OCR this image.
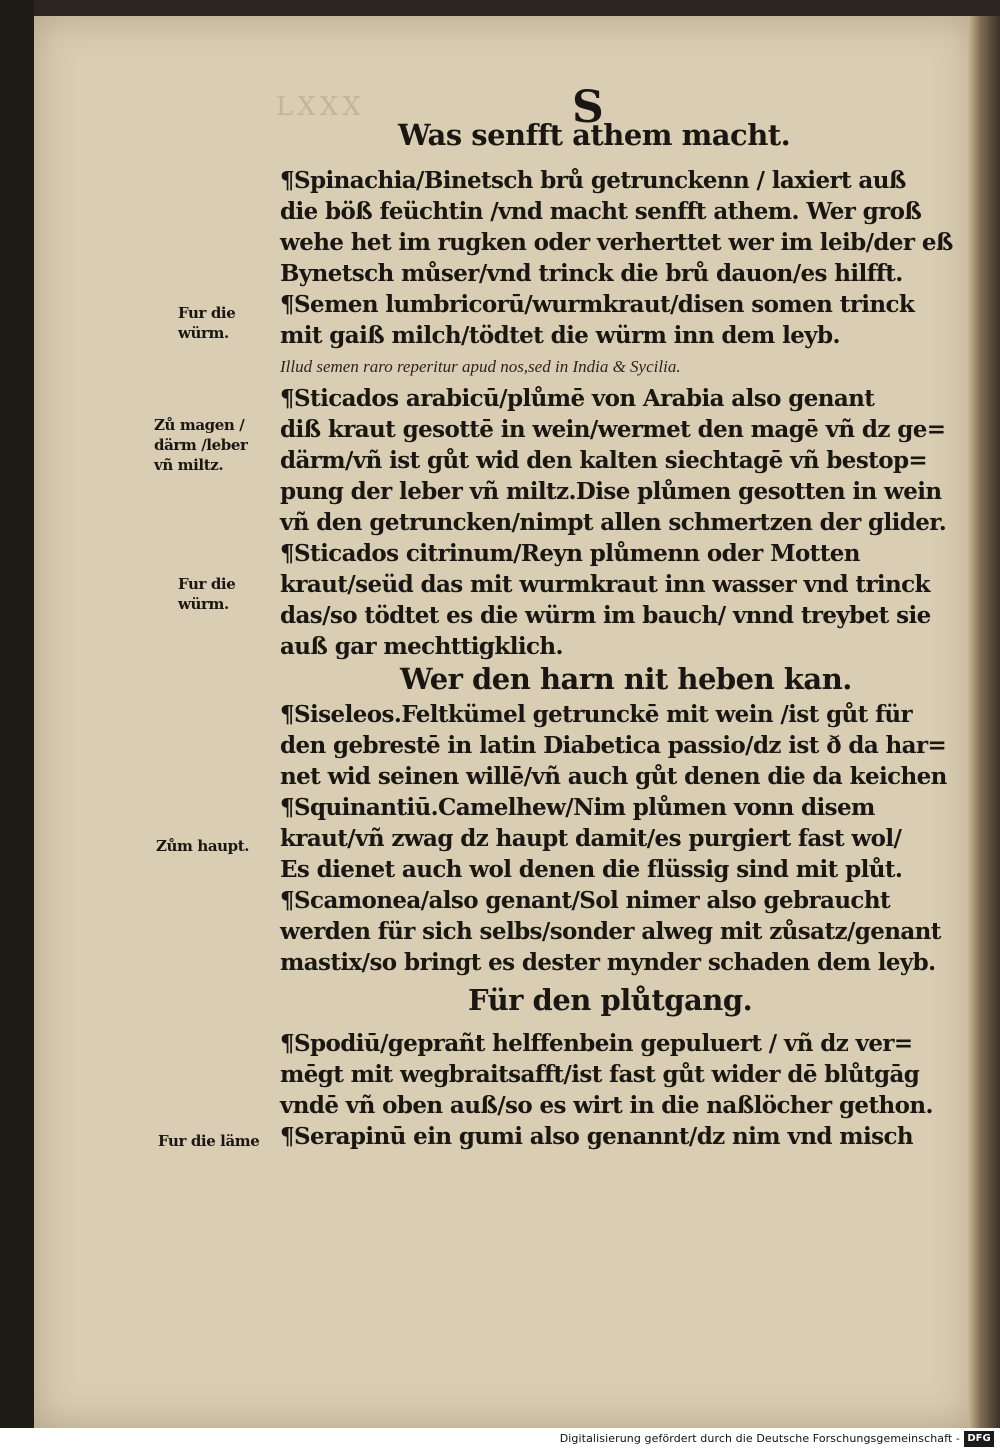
LXXX	S
Was senfft athem macht.
Wer den harn nit heben kan.
Für den plůtgang.
¶Spinachia/Binetsch brů getrunckenn / laxiert auß
die böß feüchtin /vnd macht senfft athem. Wer groß
wehe het im rugken oder verherttet wer im leib/der eß
Bynetsch můser/vnd trinck die brů dauon/es hilfft.
¶Semen lumbricorū/wurmkraut/disen somen trinck
mit gaiß milch/tödtet die würm inn dem leyb.
Illud semen raro reperitur apud nos,sed in India & Sycilia.
¶Sticados arabicū/plůmē von Arabia also genant
diß kraut gesottē in wein/wermet den magē vñ dz ge=
därm/vñ ist gůt wid den kalten siechtagē vñ bestop=
pung der leber vñ miltz.Dise plůmen gesotten in wein
vñ den getruncken/nimpt allen schmertzen der glider.
¶Sticados citrinum/Reyn plůmenn oder Motten
kraut/seüd das mit wurmkraut inn wasser vnd trinck
das/so tödtet es die würm im bauch/ vnnd treybet sie
auß gar mechttigklich.
¶Siseleos.Feltkümel getrunckē mit wein /ist gůt für
den gebrestē in latin Diabetica passio/dz ist ð da har=
net wid seinen willē/vñ auch gůt denen die da keichen
¶Squinantiū.Camelhew/Nim plůmen vonn disem
kraut/vñ zwag dz haupt damit/es purgiert fast wol/
Es dienet auch wol denen die flüssig sind mit plůt.
¶Scamonea/also genant/Sol nimer also gebraucht
werden für sich selbs/sonder alweg mit zůsatz/genant
mastix/so bringt es dester mynder schaden dem leyb.
¶Spodiū/geprañt helffenbein gepuluert / vñ dz ver=
mēgt mit wegbraitsafft/ist fast gůt wider dē blůtgāg
vndē vñ oben auß/so es wirt in die naßlöcher gethon.
¶Serapinū ein gumi also genannt/dz nim vnd misch
Fur die
würm.
Zů magen /
därm /leber
vñ miltz.
Fur die
würm.
Zům haupt.
Fur die läme
Digitalisierung gefördert durch die Deutsche Forschungsgemeinschaft - DFG
